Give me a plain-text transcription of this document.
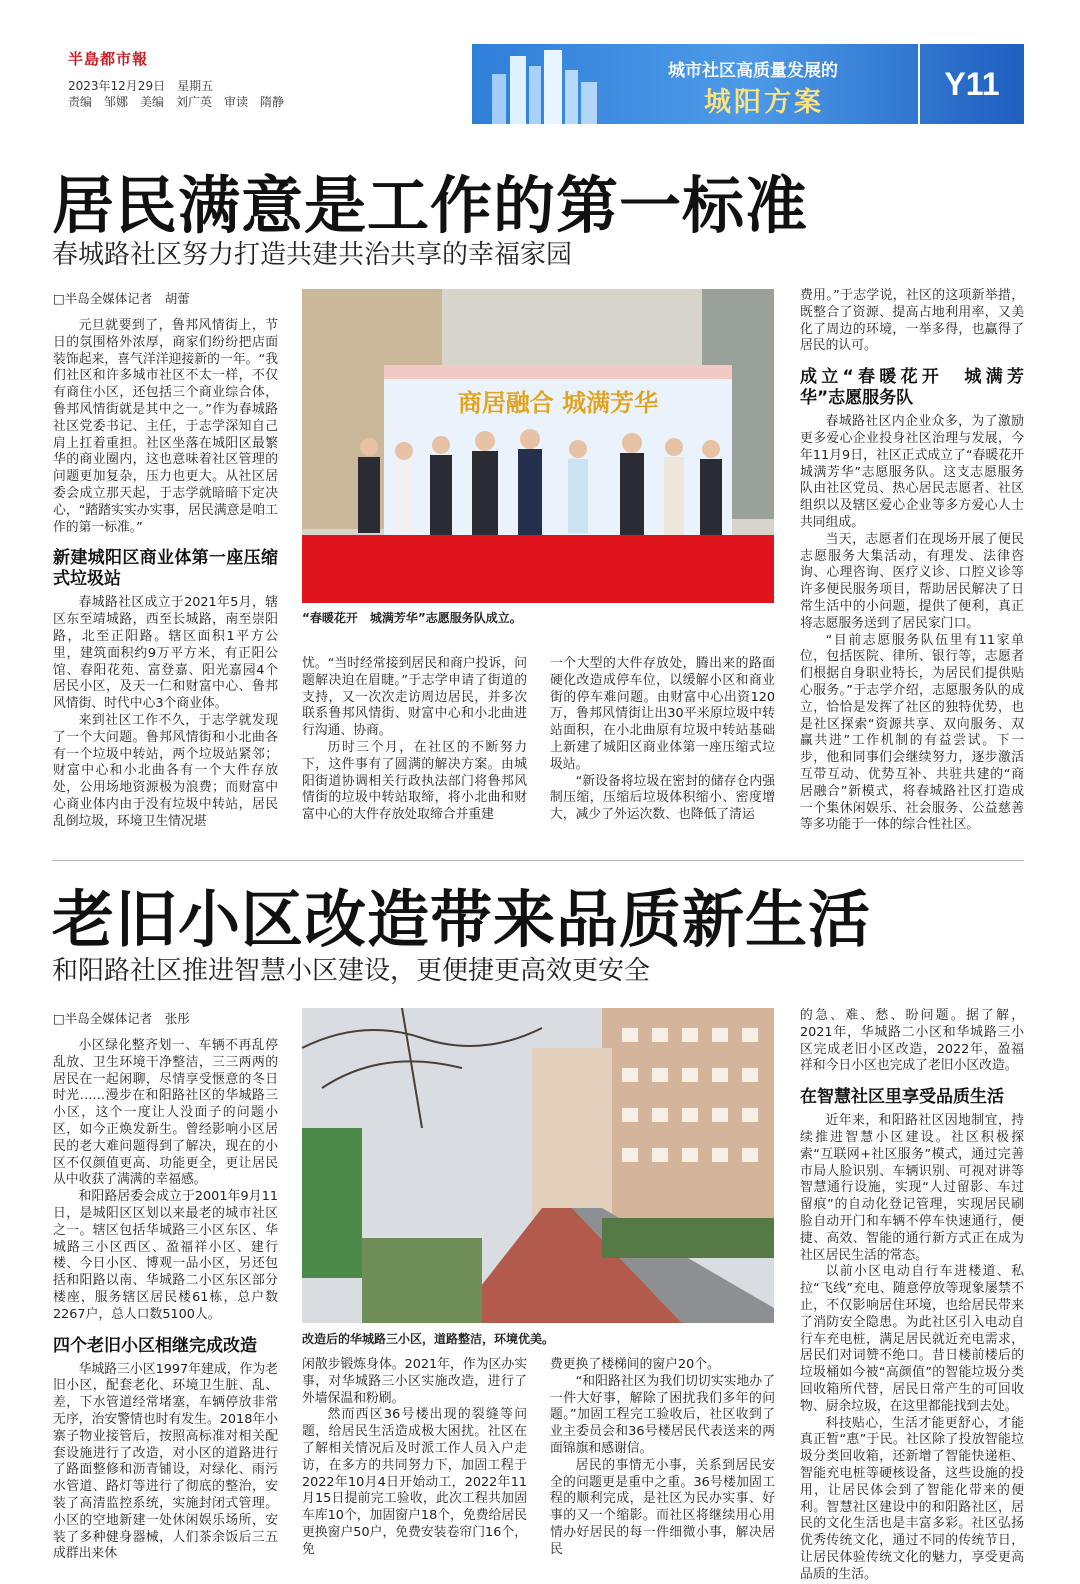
半島都市報
2023年12月29日　星期五
责编　邹娜　美编　刘广英　审读　隋静
城市社区高质量发展的
城阳方案
Y11
居民满意是工作的第一标准
春城路社区努力打造共建共治共享的幸福家园
□半岛全媒体记者　胡蕾

元旦就要到了，鲁邦风情街上，节日的氛围格外浓厚，商家们纷纷把店面装饰起来，喜气洋洋迎接新的一年。“我们社区和许多城市社区不太一样，不仅有商住小区，还包括三个商业综合体，鲁邦风情街就是其中之一。”作为春城路社区党委书记、主任，于志学深知自己肩上扛着重担。社区坐落在城阳区最繁华的商业圈内，这也意味着社区管理的问题更加复杂，压力也更大。从社区居委会成立那天起，于志学就暗暗下定决心，“踏踏实实办实事，居民满意是咱工作的第一标准。”

新建城阳区商业体第一座压缩式垃圾站

春城路社区成立于2021年5月，辖区东至靖城路，西至长城路，南至崇阳路，北至正阳路。辖区面积1平方公里，建筑面积约9万平方米，有正阳公馆、春阳花苑、富登嘉、阳光嘉园4个居民小区，及天一仁和财富中心、鲁邦风情街、时代中心3个商业体。

来到社区工作不久，于志学就发现了一个大问题。鲁邦风情街和小北曲各有一个垃圾中转站，两个垃圾站紧邻；财富中心和小北曲各有一个大件存放处，公用场地资源极为浪费；而财富中心商业体内由于没有垃圾中转站，居民乱倒垃圾，环境卫生情况堪

商居融合 城满芳华
“春暖花开　城满芳华”志愿服务队成立。

忧。“当时经常接到居民和商户投诉，问题解决迫在眉睫。”于志学申请了街道的支持，又一次次走访周边居民，并多次联系鲁邦风情街、财富中心和小北曲进行沟通、协商。

历时三个月，在社区的不断努力下，这件事有了圆满的解决方案。由城阳街道协调相关行政执法部门将鲁邦风情街的垃圾中转站取缔，将小北曲和财富中心的大件存放处取缔合并重建

一个大型的大件存放处，腾出来的路面硬化改造成停车位，以缓解小区和商业街的停车难问题。由财富中心出资120万，鲁邦风情街让出30平米原垃圾中转站面积，在小北曲原有垃圾中转站基础上新建了城阳区商业体第一座压缩式垃圾站。

“新设备将垃圾在密封的储存仓内强制压缩，压缩后垃圾体积缩小、密度增大，减少了外运次数、也降低了清运

费用。”于志学说，社区的这项新举措，既整合了资源、提高占地利用率，又美化了周边的环境，一举多得，也赢得了居民的认可。

成立“春暖花开　城满芳华”志愿服务队

春城路社区内企业众多，为了激励更多爱心企业投身社区治理与发展，今年11月9日，社区正式成立了“春暖花开　城满芳华”志愿服务队。这支志愿服务队由社区党员、热心居民志愿者、社区组织以及辖区爱心企业等多方爱心人士共同组成。

当天，志愿者们在现场开展了便民志愿服务大集活动，有理发、法律咨询、心理咨询、医疗义诊、口腔义诊等许多便民服务项目，帮助居民解决了日常生活中的小问题，提供了便利，真正将志愿服务送到了居民家门口。

“目前志愿服务队伍里有11家单位，包括医院、律所、银行等，志愿者们根据自身职业特长，为居民们提供贴心服务。”于志学介绍，志愿服务队的成立，恰恰是发挥了社区的独特优势，也是社区探索“资源共享、双向服务、双赢共进”工作机制的有益尝试。下一步，他和同事们会继续努力，逐步激活互带互动、优势互补、共驻共建的“商居融合”新模式，将春城路社区打造成一个集休闲娱乐、社会服务、公益慈善等多功能于一体的综合性社区。

老旧小区改造带来品质新生活
和阳路社区推进智慧小区建设，更便捷更高效更安全
□半岛全媒体记者　张彤

小区绿化整齐划一、车辆不再乱停乱放、卫生环境干净整洁，三三两两的居民在一起闲聊，尽情享受惬意的冬日时光……漫步在和阳路社区的华城路三小区，这个一度让人没面子的问题小区，如今正焕发新生。曾经影响小区居民的老大难问题得到了解决，现在的小区不仅颜值更高、功能更全，更让居民从中收获了满满的幸福感。

和阳路居委会成立于2001年9月11日，是城阳区区划以来最老的城市社区之一。辖区包括华城路三小区东区、华城路三小区西区、盈福祥小区、建行楼、今日小区、博观一品小区，另还包括和阳路以南、华城路二小区东区部分楼座，服务辖区居民楼61栋，总户数2267户，总人口数5100人。

四个老旧小区相继完成改造

华城路三小区1997年建成，作为老旧小区，配套老化、环境卫生脏、乱、差，下水管道经常堵塞，车辆停放非常无序，治安警情也时有发生。2018年小寨子物业接管后，按照高标准对相关配套设施进行了改造，对小区的道路进行了路面整修和沥青铺设，对绿化、雨污水管道、路灯等进行了彻底的整治，安装了高清监控系统，实施封闭式管理。小区的空地新建一处休闲娱乐场所，安装了多种健身器械，人们茶余饭后三五成群出来休

改造后的华城路三小区，道路整洁，环境优美。

闲散步锻炼身体。2021年，作为区办实事，对华城路三小区实施改造，进行了外墙保温和粉刷。

然而西区36号楼出现的裂缝等问题，给居民生活造成极大困扰。社区在了解相关情况后及时派工作人员入户走访，在多方的共同努力下，加固工程于2022年10月4日开始动工，2022年11月15日提前完工验收，此次工程共加固车库10个，加固窗户18个，免费给居民更换窗户50户，免费安装卷帘门16个，免

费更换了楼梯间的窗户20个。

“和阳路社区为我们切切实实地办了一件大好事，解除了困扰我们多年的问题。”加固工程完工验收后，社区收到了业主委员会和36号楼居民代表送来的两面锦旗和感谢信。

居民的事情无小事，关系到居民安全的问题更是重中之重。36号楼加固工程的顺利完成，是社区为民办实事、好事的又一个缩影。而社区将继续用心用情办好居民的每一件细微小事，解决居民

的急、难、愁、盼问题。据了解，2021年，华城路二小区和华城路三小区完成老旧小区改造，2022年，盈福祥和今日小区也完成了老旧小区改造。

在智慧社区里享受品质生活

近年来，和阳路社区因地制宜，持续推进智慧小区建设。社区积极探索“互联网+社区服务”模式，通过完善市局人脸识别、车辆识别、可视对讲等智慧通行设施，实现“人过留影、车过留痕”的自动化登记管理，实现居民刷脸自动开门和车辆不停车快速通行，便捷、高效、智能的通行新方式正在成为社区居民生活的常态。

以前小区电动自行车进楼道、私拉“飞线”充电、随意停放等现象屡禁不止，不仅影响居住环境，也给居民带来了消防安全隐患。为此社区引入电动自行车充电桩，满足居民就近充电需求，居民们对词赞不绝口。昔日楼前楼后的垃圾桶如今被“高颜值”的智能垃圾分类回收箱所代替，居民日常产生的可回收物、厨余垃圾，在这里都能找到去处。

科技贴心，生活才能更舒心，才能真正暂“惠”于民。社区除了投放智能垃圾分类回收箱，还新增了智能快递柜、智能充电桩等硬核设备，这些设施的投用，让居民体会到了智能化带来的便利。智慧社区建设中的和阳路社区，居民的文化生活也是丰富多彩。社区弘扬优秀传统文化，通过不同的传统节日，让居民体验传统文化的魅力，享受更高品质的生活。
